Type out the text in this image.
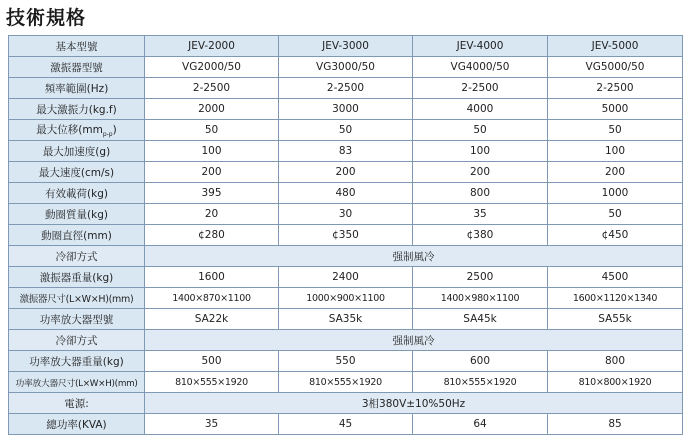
技術規格
基本型號	JEV-2000	JEV-3000	JEV-4000	JEV-5000
激振器型號	VG2000/50	VG3000/50	VG4000/50	VG5000/50
頻率範圍(Hz)	2-2500	2-2500	2-2500	2-2500
最大激振力(kg.f)	2000	3000	4000	5000
最大位移$(mm_{p-p})$	50	50	50	50
最大加速度(g)	100	83	100	100
最大速度(cm/s)	200	200	200	200
有效載荷(kg)	395	480	800	1000
動圈質量(kg)	20	30	35	50
動圈直徑(mm)	¢280	¢350	¢380	¢450
冷卻方式	强制風冷			
激振器重量(kg)	1600	2400	2500	4500
激振器尺寸(L×W×H)(mm)	1400×870×1100	1000×900×1100	1400×980×1100	1600×1120×1340
功率放大器型號	SA22k	SA35k	SA45k	SA55k
冷卻方式	强制風冷			
功率放大器重量(kg)	500	550	600	800
功率放大器尺寸(L×W×H)(mm)	810×555×1920	810×555×1920	810×555×1920	810×800×1920
電源:	3相380V±10%50Hz			
總功率(KVA)	35	45	64	85
